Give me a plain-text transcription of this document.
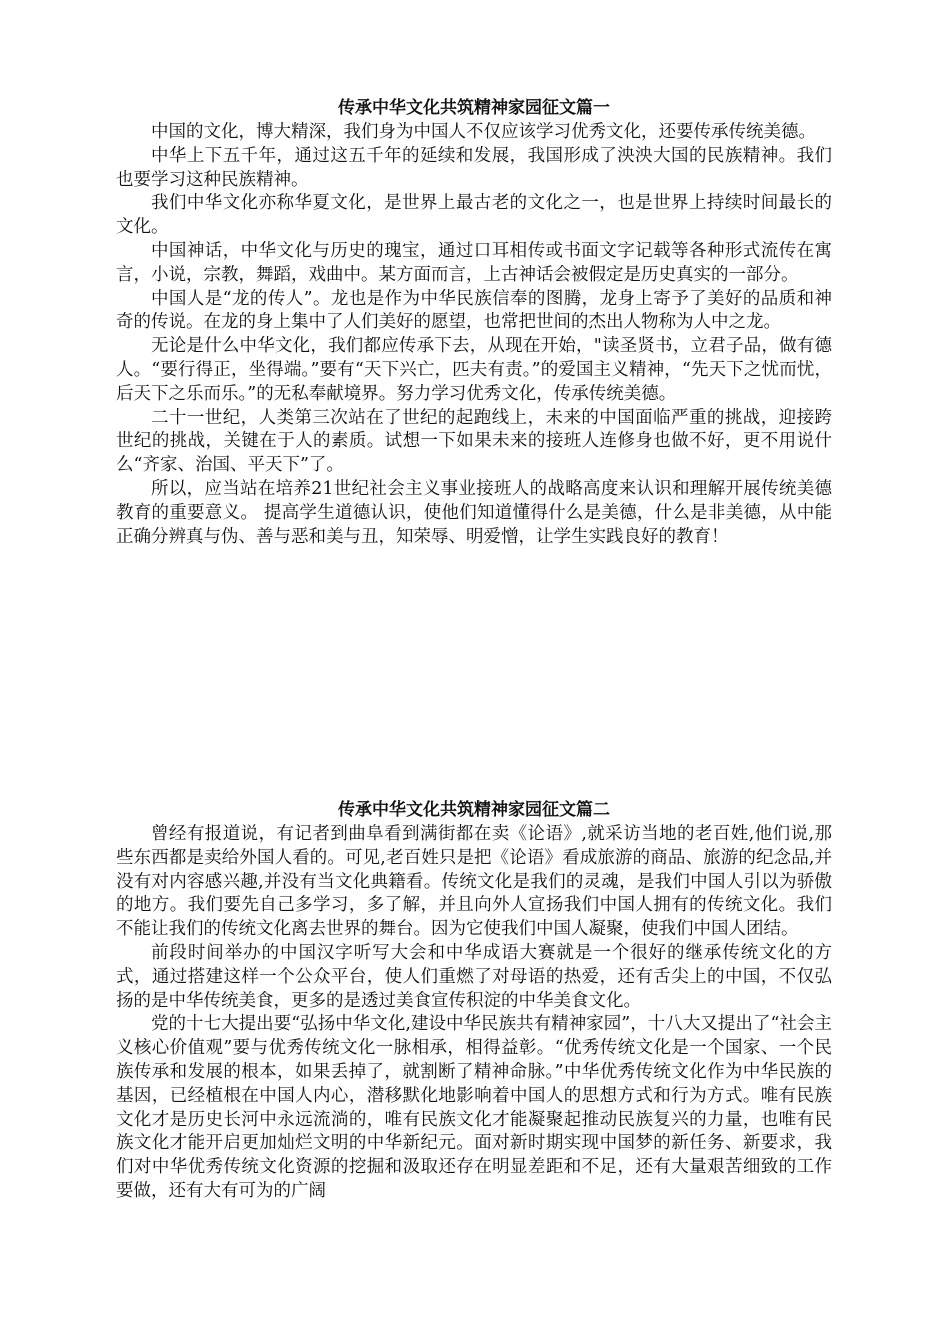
传承中华文化共筑精神家园征文篇一

中国的文化，博大精深，我们身为中国人不仅应该学习优秀文化，还要传承传统美德。

中华上下五千年，通过这五千年的延续和发展，我国形成了泱泱大国的民族精神。我们也要学习这种民族精神。

我们中华文化亦称华夏文化，是世界上最古老的文化之一，也是世界上持续时间最长的文化。

中国神话，中华文化与历史的瑰宝，通过口耳相传或书面文字记载等各种形式流传在寓言，小说，宗教，舞蹈，戏曲中。某方面而言，上古神话会被假定是历史真实的一部分。

中国人是“龙的传人”。龙也是作为中华民族信奉的图腾，龙身上寄予了美好的品质和神奇的传说。在龙的身上集中了人们美好的愿望，也常把世间的杰出人物称为人中之龙。

无论是什么中华文化，我们都应传承下去，从现在开始，"读圣贤书，立君子品，做有德人。“要行得正，坐得端。”要有“天下兴亡，匹夫有责。”的爱国主义精神，“先天下之忧而忧，后天下之乐而乐。”的无私奉献境界。努力学习优秀文化，传承传统美德。

二十一世纪，人类第三次站在了世纪的起跑线上，未来的中国面临严重的挑战，迎接跨世纪的挑战，关键在于人的素质。试想一下如果未来的接班人连修身也做不好，更不用说什么“齐家、治国、平天下”了。

所以，应当站在培养21世纪社会主义事业接班人的战略高度来认识和理解开展传统美德教育的重要意义。 提高学生道德认识，使他们知道懂得什么是美德，什么是非美德，从中能正确分辨真与伪、善与恶和美与丑，知荣辱、明爱憎，让学生实践良好的教育！

传承中华文化共筑精神家园征文篇二

曾经有报道说，有记者到曲阜看到满街都在卖《论语》,就采访当地的老百姓,他们说,那些东西都是卖给外国人看的。可见,老百姓只是把《论语》看成旅游的商品、旅游的纪念品,并没有对内容感兴趣,并没有当文化典籍看。传统文化是我们的灵魂，是我们中国人引以为骄傲的地方。我们要先自己多学习，多了解，并且向外人宣扬我们中国人拥有的传统文化。我们不能让我们的传统文化离去世界的舞台。因为它使我们中国人凝聚，使我们中国人团结。

前段时间举办的中国汉字听写大会和中华成语大赛就是一个很好的继承传统文化的方式，通过搭建这样一个公众平台，使人们重燃了对母语的热爱，还有舌尖上的中国，不仅弘扬的是中华传统美食，更多的是透过美食宣传积淀的中华美食文化。

党的十七大提出要“弘扬中华文化,建设中华民族共有精神家园”，十八大又提出了“社会主义核心价值观”要与优秀传统文化一脉相承，相得益彰。“优秀传统文化是一个国家、一个民族传承和发展的根本，如果丢掉了，就割断了精神命脉。”中华优秀传统文化作为中华民族的基因，已经植根在中国人内心，潜移默化地影响着中国人的思想方式和行为方式。唯有民族文化才是历史长河中永远流淌的，唯有民族文化才能凝聚起推动民族复兴的力量，也唯有民族文化才能开启更加灿烂文明的中华新纪元。面对新时期实现中国梦的新任务、新要求，我们对中华优秀传统文化资源的挖掘和汲取还存在明显差距和不足，还有大量艰苦细致的工作要做，还有大有可为的广阔
